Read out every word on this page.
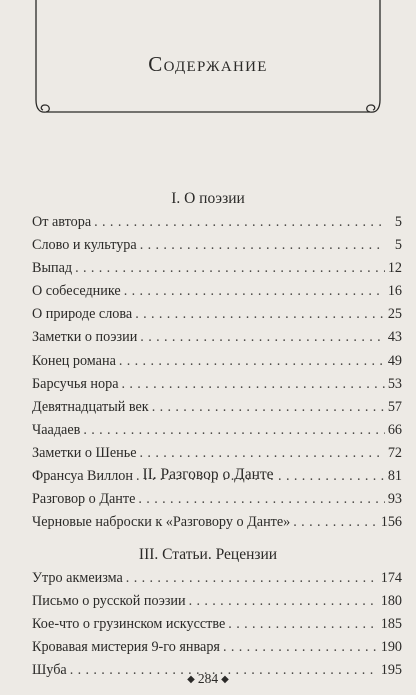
Содержание
I. О поэзии
От автора . . .	5
Слово и культура . . .	5
Выпад . . .	12
О собеседнике . . .	16
О природе слова . . .	25
Заметки о поэзии . . .	43
Конец романа . . .	49
Барсучья нора . . .	53
Девятнадцатый век . . .	57
Чаадаев . . .	66
Заметки о Шенье . . .	72
Франсуа Виллон . . .	81
II. Разговор о Данте
Разговор о Данте . . .	93
Черновые наброски к «Разговору о Данте» . . .	156
III. Статьи. Рецензии
Утро акмеизма . . .	174
Письмо о русской поэзии . . .	180
Кое-что о грузинском искусстве . . .	185
Кровавая мистерия 9-го января . . .	190
Шуба . . .	195
◆ 284 ◆
